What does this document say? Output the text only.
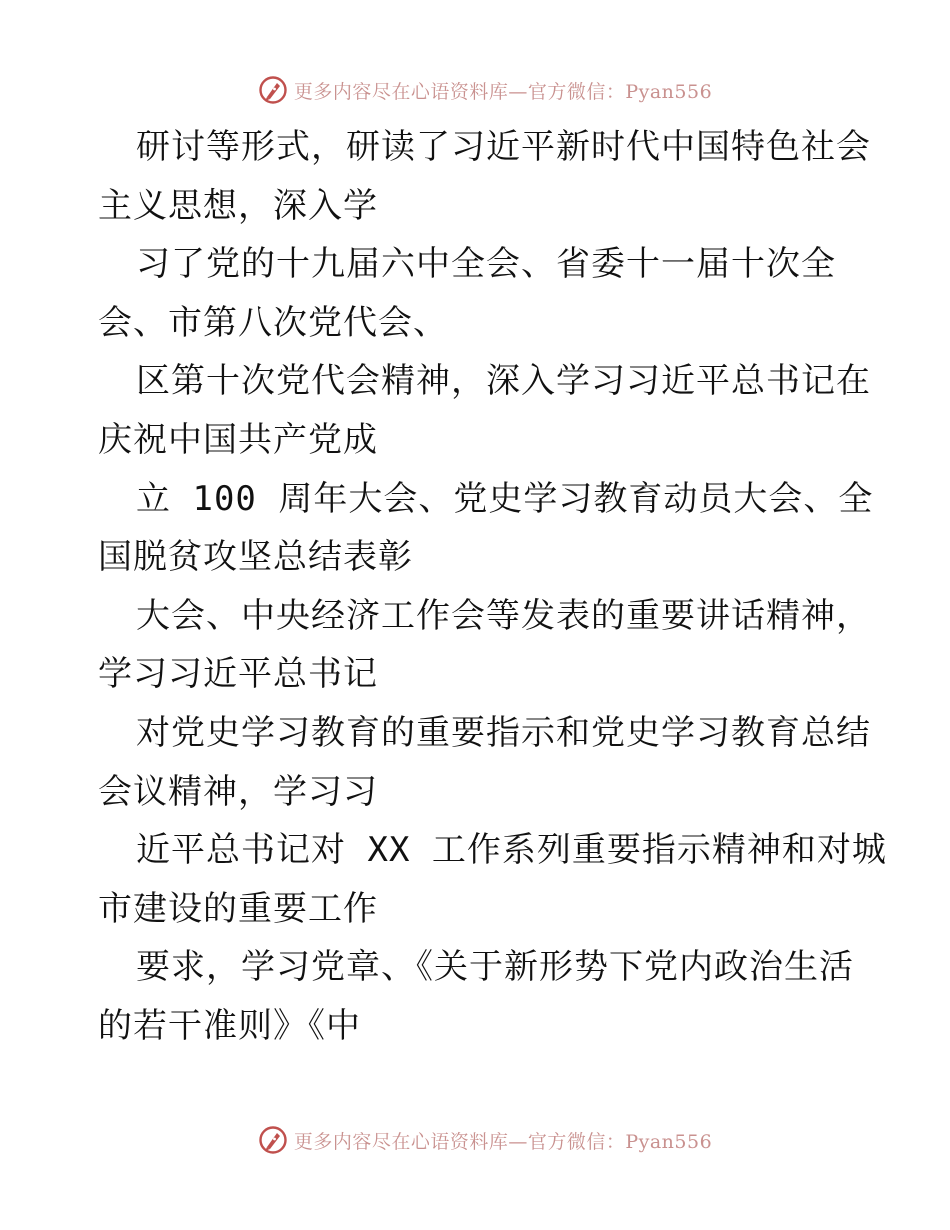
更多内容尽在心语资料库—官方微信：Pyan556
研讨等形式，研读了习近平新时代中国特色社会
主义思想，深入学
习了党的十九届六中全会、省委十一届十次全
会、市第八次党代会、
区第十次党代会精神，深入学习习近平总书记在
庆祝中国共产党成
立 100 周年大会、党史学习教育动员大会、全
国脱贫攻坚总结表彰
大会、中央经济工作会等发表的重要讲话精神，
学习习近平总书记
对党史学习教育的重要指示和党史学习教育总结
会议精神，学习习
近平总书记对 XX 工作系列重要指示精神和对城
市建设的重要工作
要求，学习党章、《关于新形势下党内政治生活
的若干准则》《中
更多内容尽在心语资料库—官方微信：Pyan556
